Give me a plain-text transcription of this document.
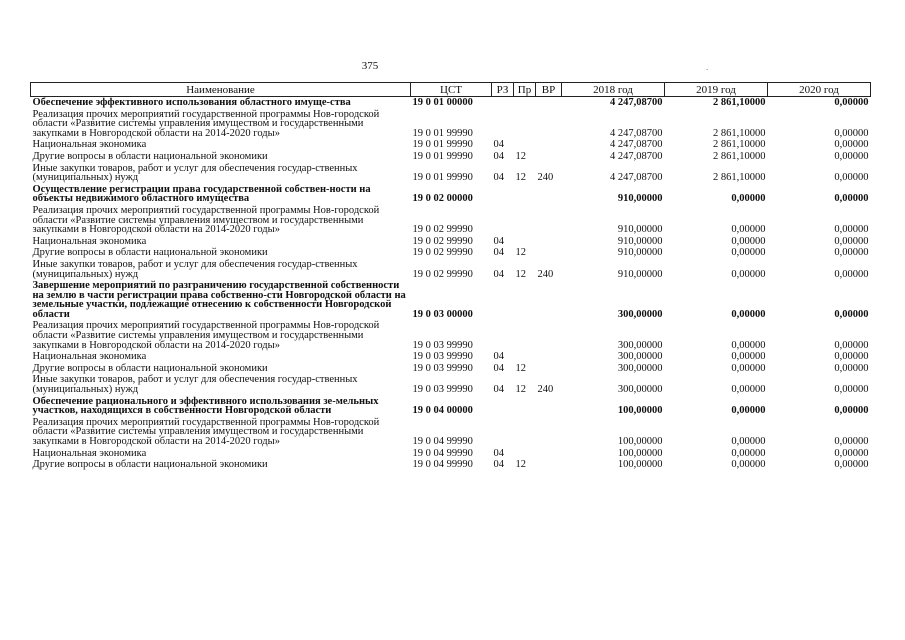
375	.
Наименование	ЦСТ	РЗ	Пр	ВР	2018 год	2019 год	2020 год
Обеспечение эффективного использования областного имуще-ства	19 0 01 00000				4 247,08700	2 861,10000	0,00000
Реализация прочих мероприятий государственной программы Нов-городской области «Развитие системы управления имуществом и государственными закупками в Новгородской области на 2014-2020 годы»	19 0 01 99990				4 247,08700	2 861,10000	0,00000
Национальная экономика	19 0 01 99990	04			4 247,08700	2 861,10000	0,00000
Другие вопросы в области национальной экономики	19 0 01 99990	04	12		4 247,08700	2 861,10000	0,00000
Иные закупки товаров, работ и услуг для обеспечения государ-ственных (муниципальных) нужд	19 0 01 99990	04	12	240	4 247,08700	2 861,10000	0,00000
Осуществление регистрации права государственной собствен-ности на объекты недвижимого областного имущества	19 0 02 00000				910,00000	0,00000	0,00000
Реализация прочих мероприятий государственной программы Нов-городской области «Развитие системы управления имуществом и государственными закупками в Новгородской области на 2014-2020 годы»	19 0 02 99990				910,00000	0,00000	0,00000
Национальная экономика	19 0 02 99990	04			910,00000	0,00000	0,00000
Другие вопросы в области национальной экономики	19 0 02 99990	04	12		910,00000	0,00000	0,00000
Иные закупки товаров, работ и услуг для обеспечения государ-ственных (муниципальных) нужд	19 0 02 99990	04	12	240	910,00000	0,00000	0,00000
Завершение мероприятий по разграничению государственной собственности на землю в части регистрации права собственно-сти Новгородской области на земельные участки, подлежащие отнесению к собственности Новгородской области	19 0 03 00000				300,00000	0,00000	0,00000
Реализация прочих мероприятий государственной программы Нов-городской области «Развитие системы управления имуществом и государственными закупками в Новгородской области на 2014-2020 годы»	19 0 03 99990				300,00000	0,00000	0,00000
Национальная экономика	19 0 03 99990	04			300,00000	0,00000	0,00000
Другие вопросы в области национальной экономики	19 0 03 99990	04	12		300,00000	0,00000	0,00000
Иные закупки товаров, работ и услуг для обеспечения государ-ственных (муниципальных) нужд	19 0 03 99990	04	12	240	300,00000	0,00000	0,00000
Обеспечение рационального и эффективного использования зе-мельных участков, находящихся в собственности Новгородской области	19 0 04 00000				100,00000	0,00000	0,00000
Реализация прочих мероприятий государственной программы Нов-городской области «Развитие системы управления имуществом и государственными закупками в Новгородской области на 2014-2020 годы»	19 0 04 99990				100,00000	0,00000	0,00000
Национальная экономика	19 0 04 99990	04			100,00000	0,00000	0,00000
Другие вопросы в области национальной экономики	19 0 04 99990	04	12		100,00000	0,00000	0,00000
